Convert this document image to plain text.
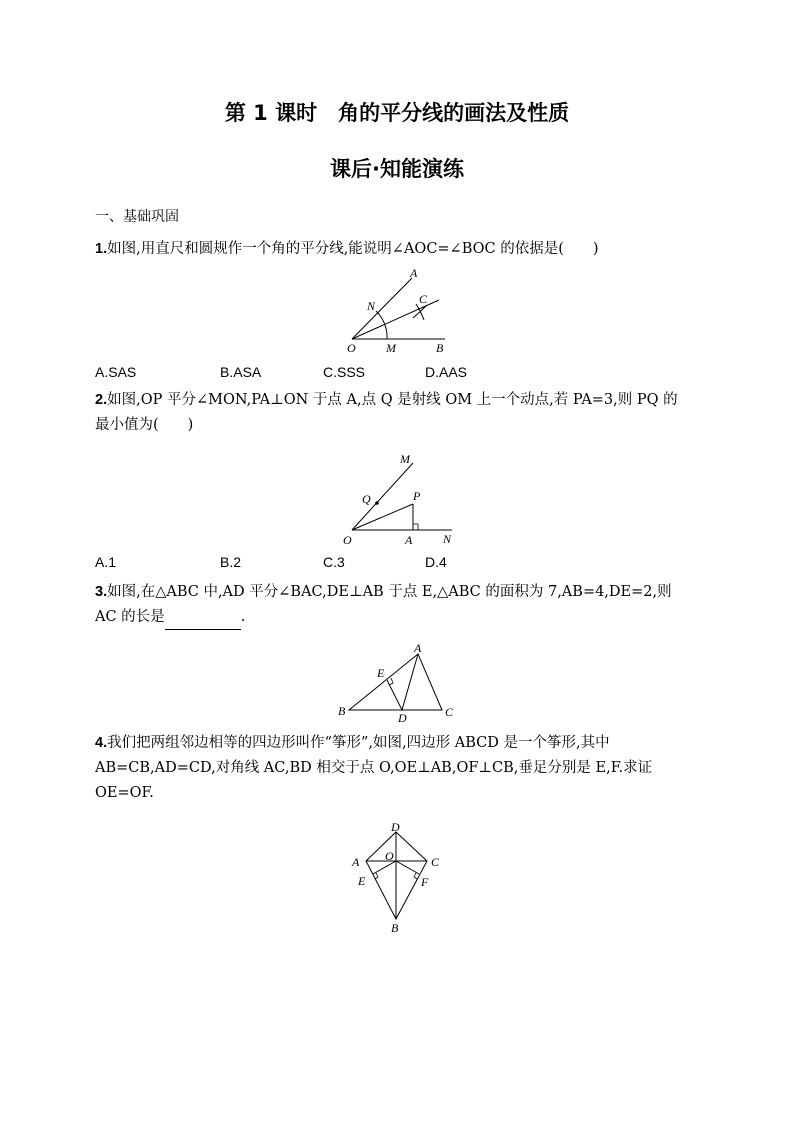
第 1 课时　角的平分线的画法及性质
课后·知能演练
一、基础巩固
1.如图,用直尺和圆规作一个角的平分线,能说明∠AOC=∠BOC 的依据是(　　)
A
N	C
O	M	B
A.SAS	B.ASA	C.SSS	D.AAS
2.如图,OP 平分∠MON,PA⊥ON 于点 A,点 Q 是射线 OM 上一个动点,若 PA=3,则 PQ 的
最小值为(　　)
M
Q	P
O	A	N
A.1	B.2	C.3	D.4
3.如图,在△ABC 中,AD 平分∠BAC,DE⊥AB 于点 E,△ABC 的面积为 7,AB=4,DE=2,则
AC 的长是	.
A
E
B	D	C
4.我们把两组邻边相等的四边形叫作“筝形”,如图,四边形 ABCD 是一个筝形,其中
AB=CB,AD=CD,对角线 AC,BD 相交于点 O,OE⊥AB,OF⊥CB,垂足分别是 E,F.求证
OE=OF.
D
O
A	C
E	F
B
